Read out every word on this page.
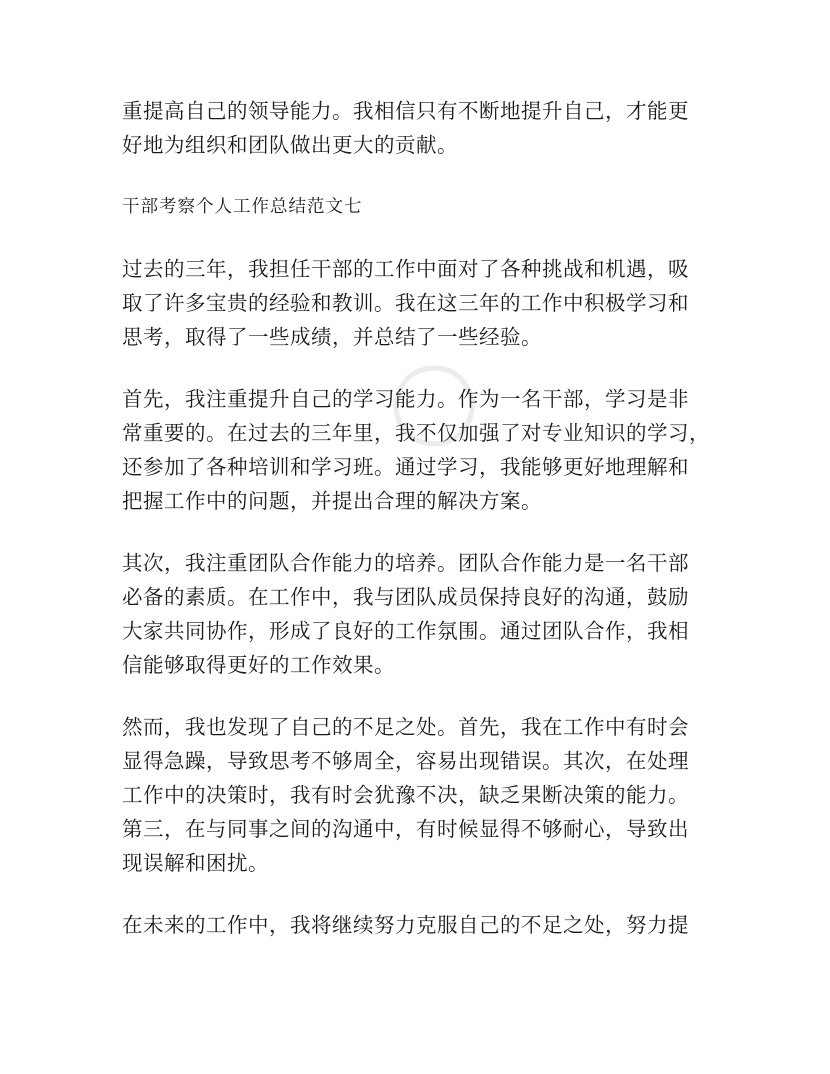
◯

重提高自己的领导能力。我相信只有不断地提升自己，才能更
好地为组织和团队做出更大的贡献。

干部考察个人工作总结范文七

过去的三年，我担任干部的工作中面对了各种挑战和机遇，吸
取了许多宝贵的经验和教训。我在这三年的工作中积极学习和
思考，取得了一些成绩，并总结了一些经验。

首先，我注重提升自己的学习能力。作为一名干部，学习是非
常重要的。在过去的三年里，我不仅加强了对专业知识的学习，
还参加了各种培训和学习班。通过学习，我能够更好地理解和
把握工作中的问题，并提出合理的解决方案。

其次，我注重团队合作能力的培养。团队合作能力是一名干部
必备的素质。在工作中，我与团队成员保持良好的沟通，鼓励
大家共同协作，形成了良好的工作氛围。通过团队合作，我相
信能够取得更好的工作效果。

然而，我也发现了自己的不足之处。首先，我在工作中有时会
显得急躁，导致思考不够周全，容易出现错误。其次，在处理
工作中的决策时，我有时会犹豫不决，缺乏果断决策的能力。
第三，在与同事之间的沟通中，有时候显得不够耐心，导致出
现误解和困扰。

在未来的工作中，我将继续努力克服自己的不足之处，努力提
